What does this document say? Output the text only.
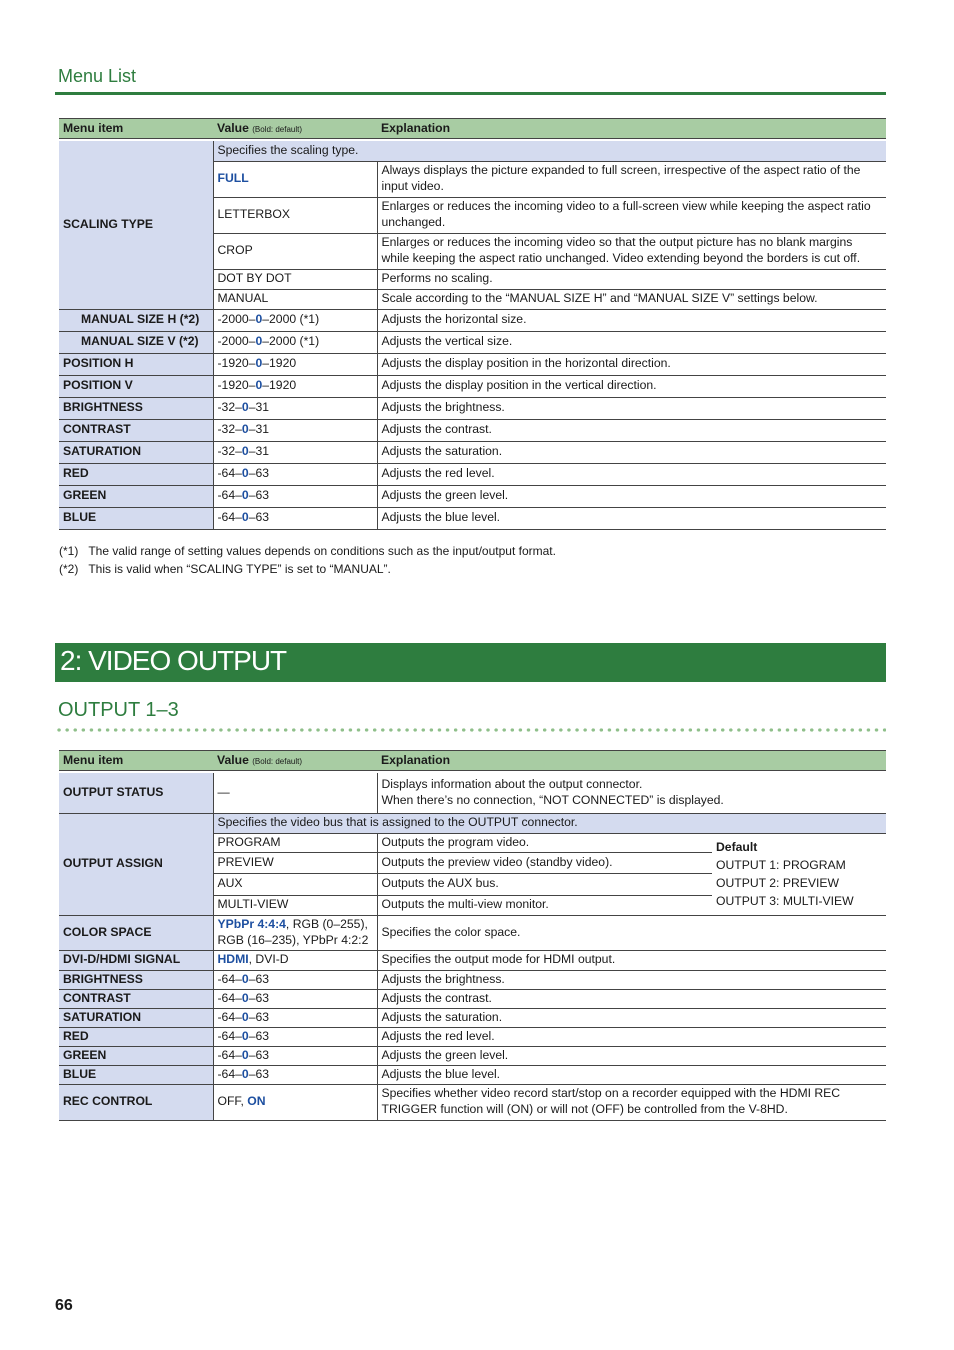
Menu List
Menu item	Value (Bold: default)	Explanation
SCALING TYPE	Specifies the scaling type.	
	FULL	Always displays the picture expanded to full screen, irrespective of the aspect ratio of the input video.
	LETTERBOX	Enlarges or reduces the incoming video to a full-screen view while keeping the aspect ratio unchanged.
	CROP	Enlarges or reduces the incoming video so that the output picture has no blank margins while keeping the aspect ratio unchanged. Video extending beyond the borders is cut off.
	DOT BY DOT	Performs no scaling.
	MANUAL	Scale according to the “MANUAL SIZE H” and “MANUAL SIZE V” settings below.
MANUAL SIZE H (*2)	-2000–0–2000 (*1)	Adjusts the horizontal size.
MANUAL SIZE V (*2)	-2000–0–2000 (*1)	Adjusts the vertical size.
POSITION H	-1920–0–1920	Adjusts the display position in the horizontal direction.
POSITION V	-1920–0–1920	Adjusts the display position in the vertical direction.
BRIGHTNESS	-32–0–31	Adjusts the brightness.
CONTRAST	-32–0–31	Adjusts the contrast.
SATURATION	-32–0–31	Adjusts the saturation.
RED	-64–0–63	Adjusts the red level.
GREEN	-64–0–63	Adjusts the green level.
BLUE	-64–0–63	Adjusts the blue level.
(*1) The valid range of setting values depends on conditions such as the input/output format.
(*2) This is valid when “SCALING TYPE” is set to “MANUAL”.
2: VIDEO OUTPUT
OUTPUT 1–3
Menu item	Value (Bold: default)	Explanation	
OUTPUT STATUS	—	Displays information about the output connector.
When there’s no connection, “NOT CONNECTED” is displayed.	

OUTPUT ASSIGN	Specifies the video bus that is assigned to the OUTPUT connector.		
	PROGRAM	Outputs the program video.	Default
OUTPUT 1: PROGRAM
OUTPUT 2: PREVIEW
OUTPUT 3: MULTI-VIEW

	PREVIEW	Outputs the preview video (standby video).	
	AUX	Outputs the AUX bus.	
	MULTI-VIEW	Outputs the multi-view monitor.	
COLOR SPACE	YPbPr 4:4:4, RGB (0–255),
RGB (16–235), YPbPr 4:2:2	Specifies the color space.	
DVI-D/HDMI SIGNAL	HDMI, DVI-D	Specifies the output mode for HDMI output.	
BRIGHTNESS	-64–0–63	Adjusts the brightness.	
CONTRAST	-64–0–63	Adjusts the contrast.	
SATURATION	-64–0–63	Adjusts the saturation.	
RED	-64–0–63	Adjusts the red level.	
GREEN	-64–0–63	Adjusts the green level.	
BLUE	-64–0–63	Adjusts the blue level.	
REC CONTROL	OFF, ON	Specifies whether video record start/stop on a recorder equipped with the HDMI REC TRIGGER function will (ON) or will not (OFF) be controlled from the V-8HD.	
66
